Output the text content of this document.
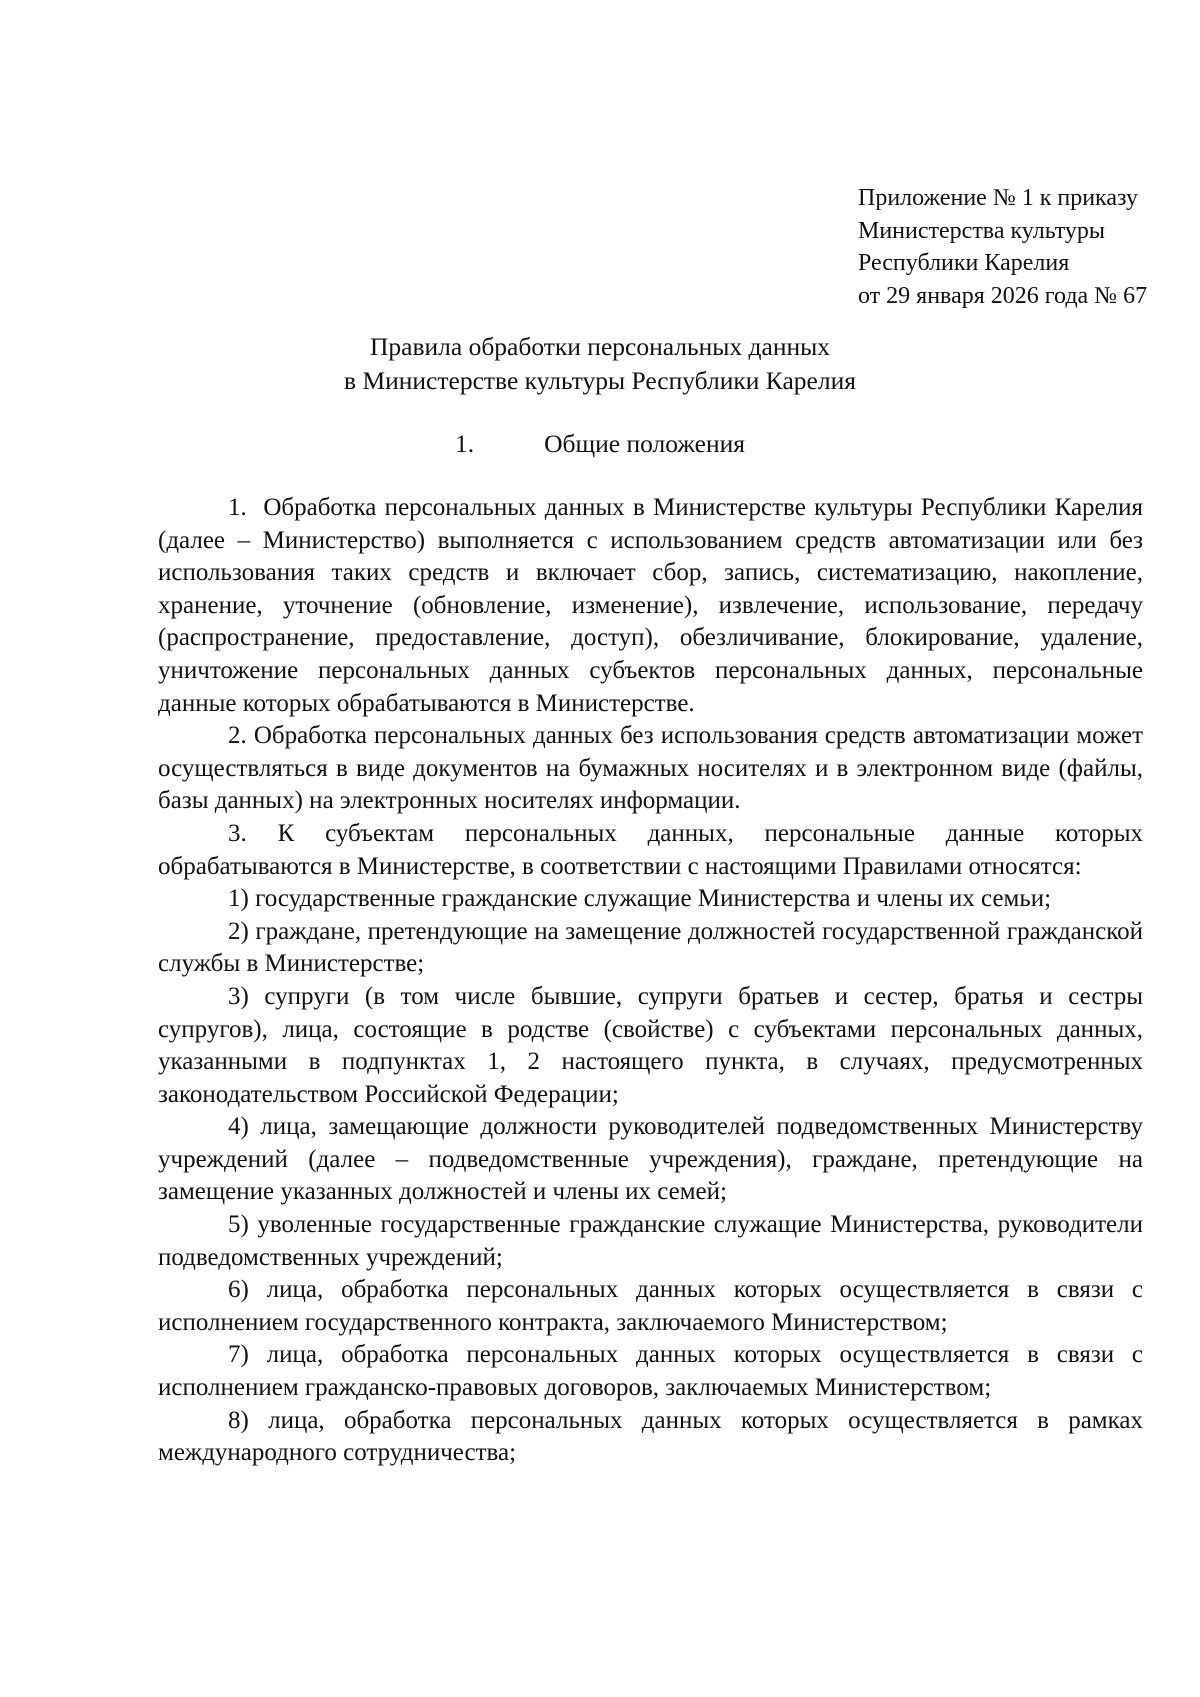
Приложение № 1 к приказу
Министерства культуры
Республики Карелия
от 29 января 2026 года № 67
Правила обработки персональных данных
в Министерстве культуры Республики Карелия
1.	Общие положения

1. Обработка персональных данных в Министерстве культуры Республики Карелия (далее – Министерство) выполняется с использованием средств автоматизации или без использования таких средств и включает сбор, запись, систематизацию, накопление, хранение, уточнение (обновление, изменение), извлечение, использование, передачу (распространение, предоставление, доступ), обезличивание, блокирование, удаление, уничтожение персональных данных субъектов персональных данных, персональные данные которых обрабатываются в Министерстве.

2. Обработка персональных данных без использования средств автоматизации может осуществляться в виде документов на бумажных носителях и в электронном виде (файлы, базы данных) на электронных носителях информации.

3. К субъектам персональных данных, персональные данные которых обрабатываются в Министерстве, в соответствии с настоящими Правилами относятся:

1) государственные гражданские служащие Министерства и члены их семьи;

2) граждане, претендующие на замещение должностей государственной гражданской службы в Министерстве;

3) супруги (в том числе бывшие, супруги братьев и сестер, братья и сестры супругов), лица, состоящие в родстве (свойстве) с субъектами персональных данных, указанными в подпунктах 1, 2 настоящего пункта, в случаях, предусмотренных законодательством Российской Федерации;

4) лица, замещающие должности руководителей подведомственных Министерству учреждений (далее – подведомственные учреждения), граждане, претендующие на замещение указанных должностей и члены их семей;

5) уволенные государственные гражданские служащие Министерства, руководители подведомственных учреждений;

6) лица, обработка персональных данных которых осуществляется в связи с исполнением государственного контракта, заключаемого Министерством;

7) лица, обработка персональных данных которых осуществляется в связи с исполнением гражданско-правовых договоров, заключаемых Министерством;

8) лица, обработка персональных данных которых осуществляется в рамках международного сотрудничества;
